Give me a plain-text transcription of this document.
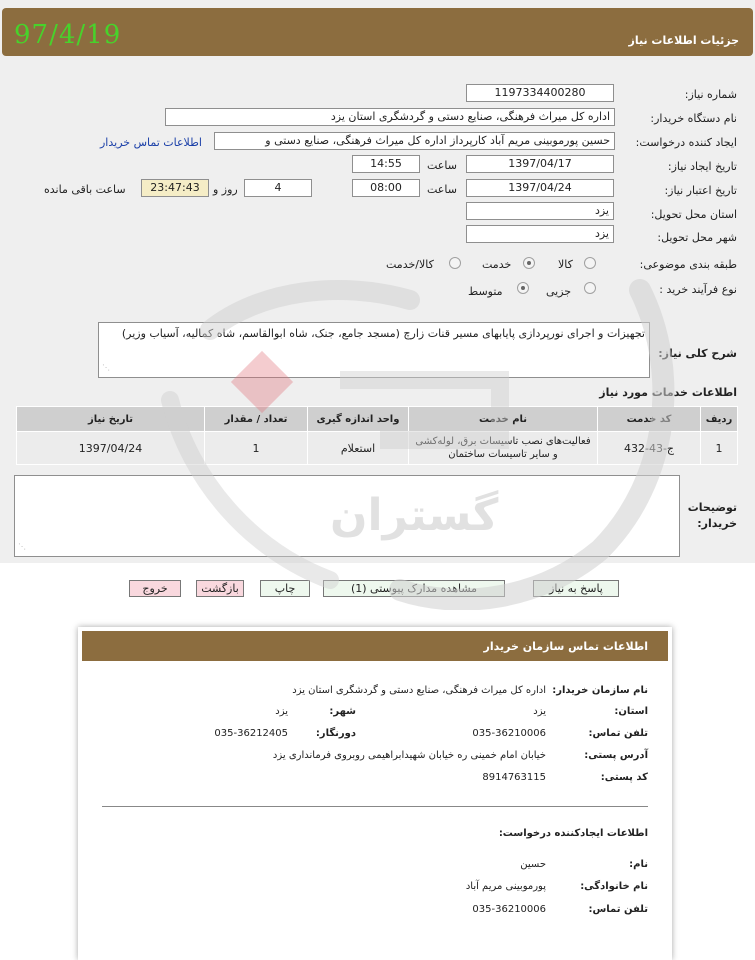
97/4/19	جزئیات اطلاعات نیاز
شماره نیاز:
1197334400280
نام دستگاه خریدار:
اداره کل میراث فرهنگی، صنایع دستی و گردشگری استان یزد
ایجاد کننده درخواست:
حسین پورموبینی مریم آباد کارپرداز اداره کل میراث فرهنگی، صنایع دستی و
اطلاعات تماس خریدار
تاریخ ایجاد نیاز:
1397/04/17
ساعت
14:55
تاریخ اعتبار نیاز:
1397/04/24
ساعت
08:00
4
روز و
23:47:43
ساعت باقی مانده
استان محل تحویل:
یزد
شهر محل تحویل:
یزد
طبقه بندی موضوعی:
کالا
خدمت
کالا/خدمت
نوع فرآیند خرید :
جزیی
متوسط
شرح کلی نیاز:
تجهیزات و اجرای نورپردازی پایابهای مسیر قنات زارچ (مسجد جامع، جنک، شاه ابوالقاسم، شاه کمالیه، آسیاب وزیر)
⋰
اطلاعات خدمات مورد نیاز
ردیف	کد خدمت	نام خدمت	واحد اندازه گیری	تعداد / مقدار	تاریخ نیاز
1	ج-43-432	فعالیت‌های نصب تاسیسات برق، لوله‌کشی و سایر تاسیسات ساختمان	استعلام	1	1397/04/24
توضیحات خریدار:
⋰
پاسخ به نیاز
مشاهده مدارک پیوستی (1)
چاپ
بازگشت
خروج
اطلاعات تماس سازمان خریدار
نام سازمان خریدار:
اداره کل میراث فرهنگی، صنایع دستی و گردشگری استان یزد
استان:
یزد
شهر:
یزد
تلفن تماس:
035-36210006
دورنگار:
035-36212405
آدرس پستی:
خیابان امام خمینی ره خیابان شهیدابراهیمی روبروی فرمانداری یزد
کد پستی:
8914763115
اطلاعات ایجادکننده درخواست:
نام:
حسین
نام خانوادگی:
پورموبینی مریم آباد
تلفن تماس:
035-36210006
گستران
